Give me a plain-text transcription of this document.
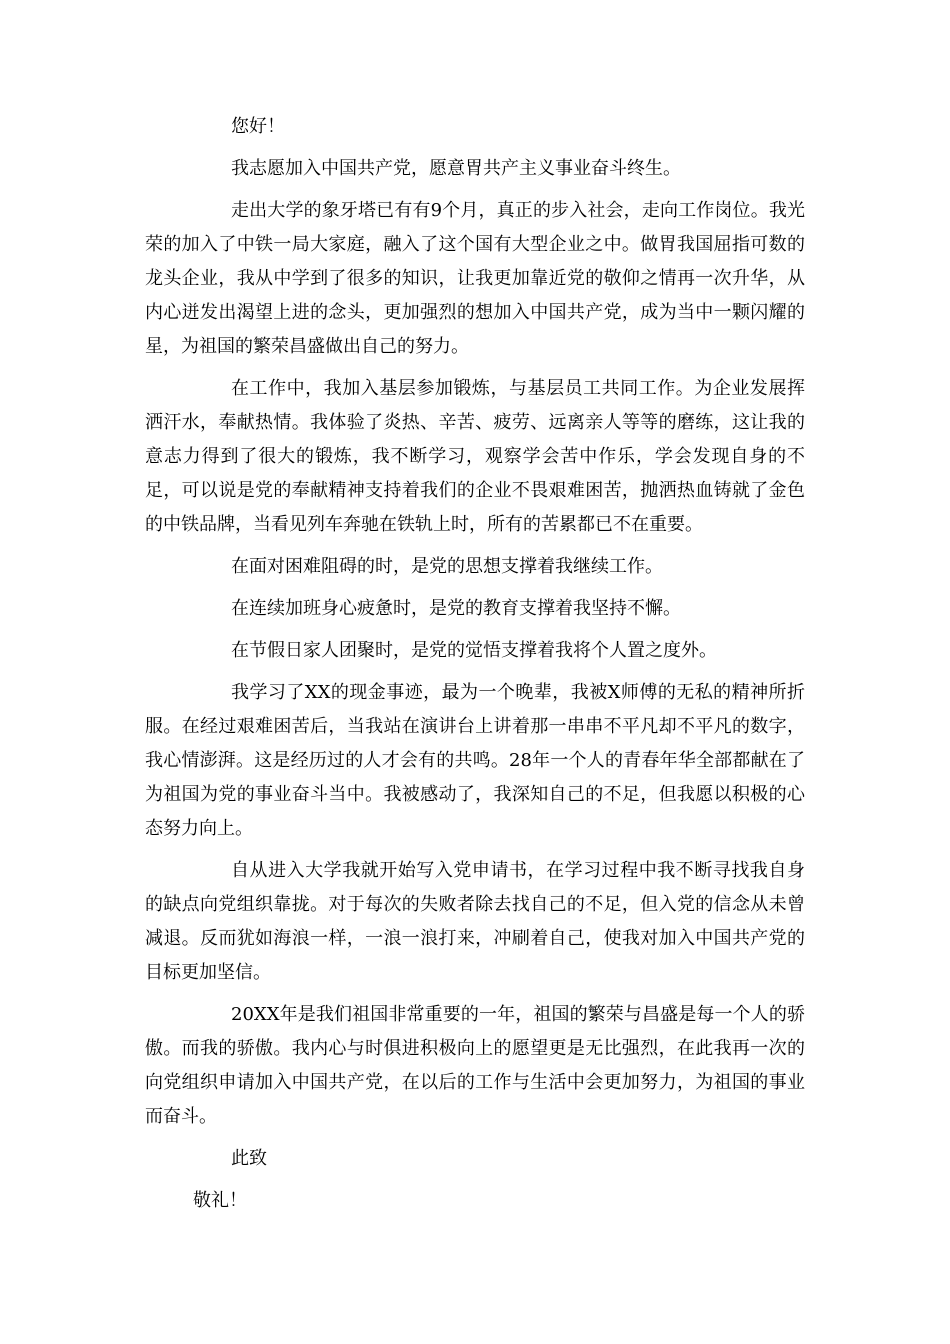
您好！

我志愿加入中国共产党，愿意胃共产主义事业奋斗终生。

走出大学的象牙塔已有有9个月，真正的步入社会，走向工作岗位。我光荣的加入了中铁一局大家庭，融入了这个国有大型企业之中。做胃我国屈指可数的龙头企业，我从中学到了很多的知识，让我更加靠近党的敬仰之情再一次升华，从内心迸发出渴望上进的念头，更加强烈的想加入中国共产党，成为当中一颗闪耀的星，为祖国的繁荣昌盛做出自己的努力。

在工作中，我加入基层参加锻炼，与基层员工共同工作。为企业发展挥洒汗水，奉献热情。我体验了炎热、辛苦、疲劳、远离亲人等等的磨练，这让我的意志力得到了很大的锻炼，我不断学习，观察学会苦中作乐，学会发现自身的不足，可以说是党的奉献精神支持着我们的企业不畏艰难困苦，抛洒热血铸就了金色的中铁品牌，当看见列车奔驰在铁轨上时，所有的苦累都已不在重要。

在面对困难阻碍的时，是党的思想支撑着我继续工作。

在连续加班身心疲惫时，是党的教育支撑着我坚持不懈。

在节假日家人团聚时，是党的觉悟支撑着我将个人置之度外。

我学习了XX的现金事迹，最为一个晚辈，我被X师傅的无私的精神所折服。在经过艰难困苦后，当我站在演讲台上讲着那一串串不平凡却不平凡的数字，我心情澎湃。这是经历过的人才会有的共鸣。28年一个人的青春年华全部都献在了为祖国为党的事业奋斗当中。我被感动了，我深知自己的不足，但我愿以积极的心态努力向上。

自从进入大学我就开始写入党申请书，在学习过程中我不断寻找我自身的缺点向党组织靠拢。对于每次的失败者除去找自己的不足，但入党的信念从未曾减退。反而犹如海浪一样，一浪一浪打来，冲刷着自己，使我对加入中国共产党的目标更加坚信。

20XX年是我们祖国非常重要的一年，祖国的繁荣与昌盛是每一个人的骄傲。而我的骄傲。我内心与时俱进积极向上的愿望更是无比强烈，在此我再一次的向党组织申请加入中国共产党，在以后的工作与生活中会更加努力，为祖国的事业而奋斗。

此致

敬礼！
